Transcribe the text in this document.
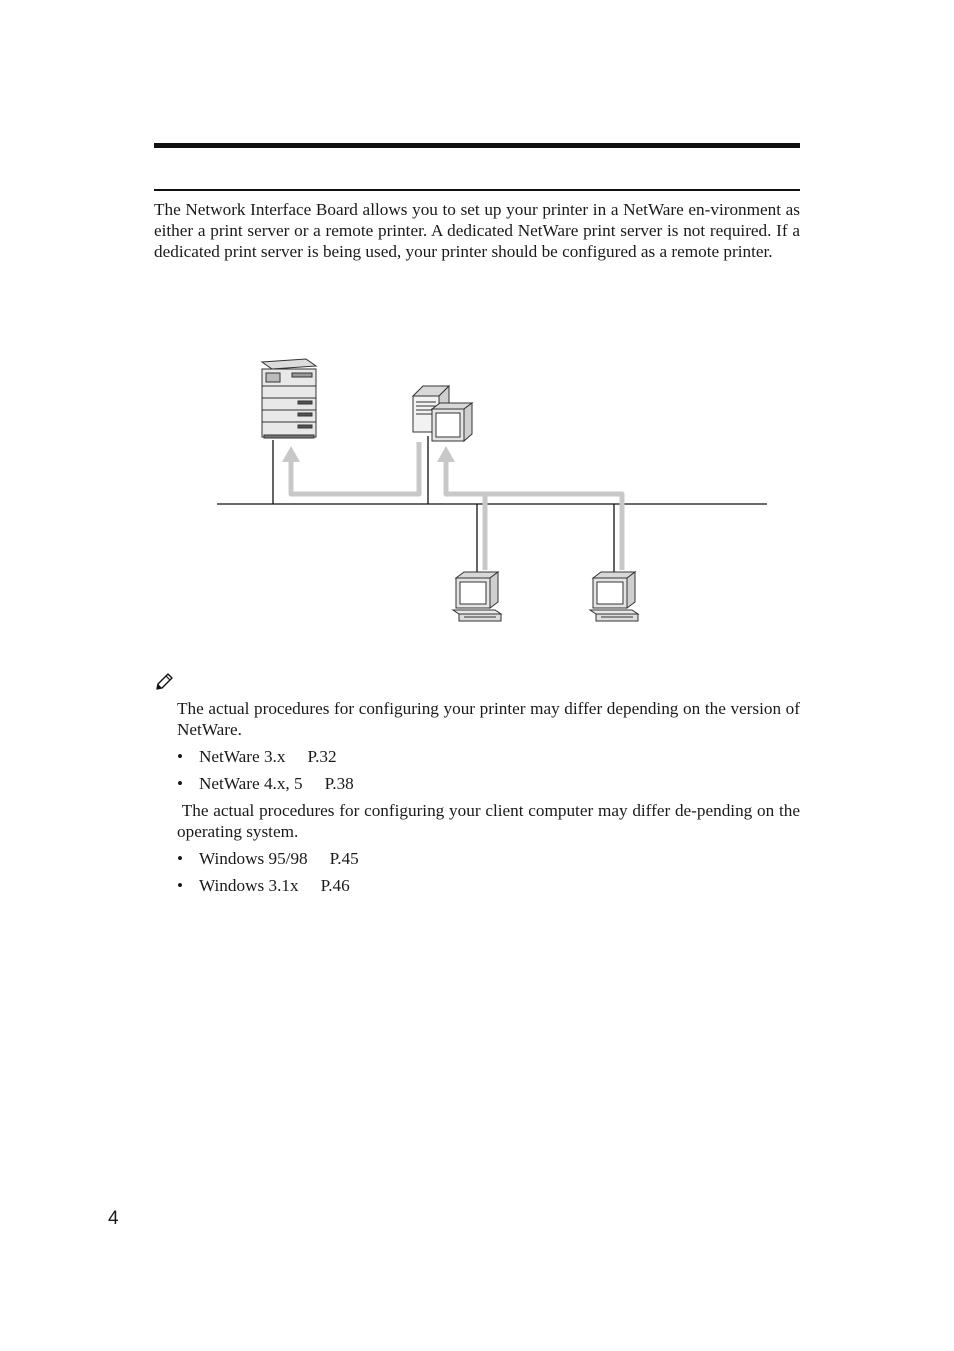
The Network Interface Board allows you to set up your printer in a NetWare en-vironment as either a print server or a remote printer. A dedicated NetWare print server is not required. If a dedicated print server is being used, your printer should be configured as a remote printer.

The actual procedures for configuring your printer may differ depending on the version of NetWare.

• NetWare 3.x P.32
• NetWare 4.x, 5 P.38

The actual procedures for configuring your client computer may differ de-pending on the operating system.

• Windows 95/98 P.45
• Windows 3.1x P.46
4
